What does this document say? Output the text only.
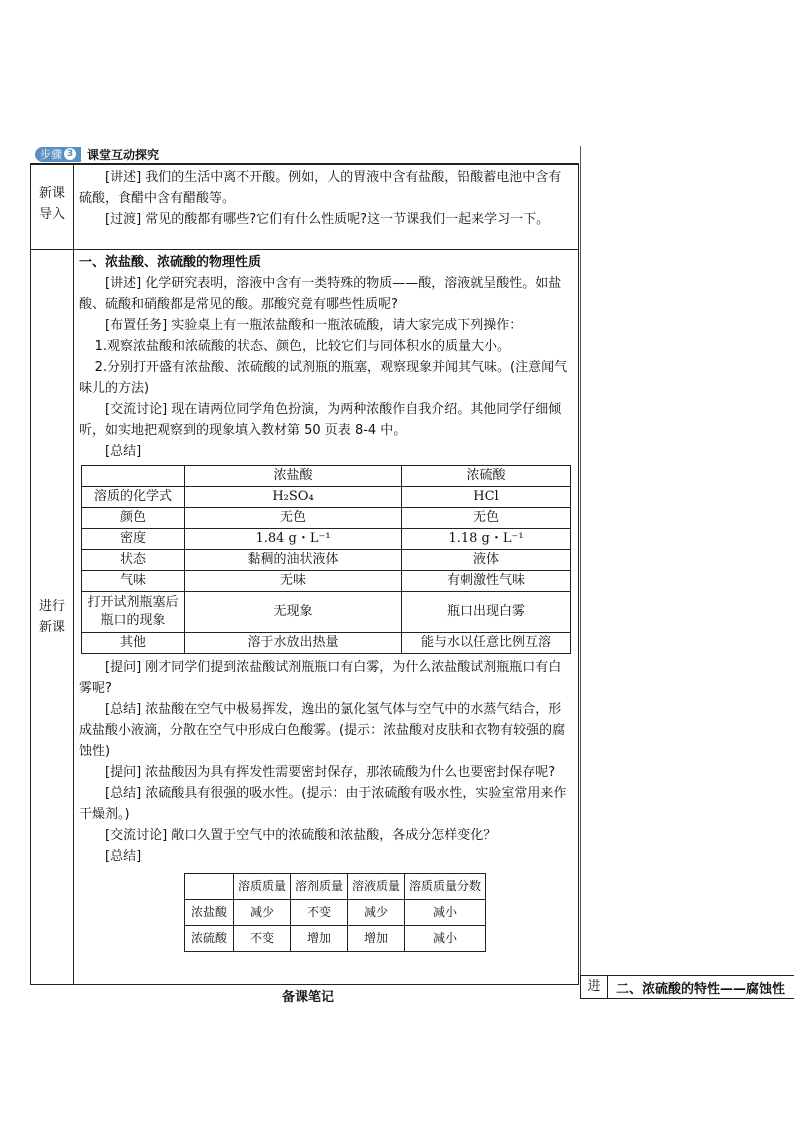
步骤 3 课堂互动探究
新课
导入

[讲述] 我们的生活中离不开酸。例如，人的胃液中含有盐酸，铅酸蓄电池中含有硫酸，食醋中含有醋酸等。

[过渡] 常见的酸都有哪些?它们有什么性质呢?这一节课我们一起来学习一下。

进行
新课

一、浓盐酸、浓硫酸的物理性质

[讲述] 化学研究表明，溶液中含有一类特殊的物质——酸，溶液就呈酸性。如盐酸、硫酸和硝酸都是常见的酸。那酸究竟有哪些性质呢?

[布置任务] 实验桌上有一瓶浓盐酸和一瓶浓硫酸，请大家完成下列操作：

1.观察浓盐酸和浓硫酸的状态、颜色，比较它们与同体积水的质量大小。

2.分别打开盛有浓盐酸、浓硫酸的试剂瓶的瓶塞，观察现象并闻其气味。(注意闻气味儿的方法)

[交流讨论] 现在请两位同学角色扮演，为两种浓酸作自我介绍。其他同学仔细倾听，如实地把观察到的现象填入教材第 50 页表 8-4 中。

[总结]

	浓盐酸	浓硫酸
溶质的化学式	H₂SO₄	HCl
颜色	无色	无色
密度	1.84 g・L⁻¹	1.18 g・L⁻¹
状态	黏稠的油状液体	液体
气味	无味	有刺激性气味
打开试剂瓶塞后瓶口的现象	无现象	瓶口出现白雾
其他	溶于水放出热量	能与水以任意比例互溶

[提问] 刚才同学们提到浓盐酸试剂瓶瓶口有白雾，为什么浓盐酸试剂瓶瓶口有白雾呢?

[总结] 浓盐酸在空气中极易挥发，逸出的氯化氢气体与空气中的水蒸气结合，形成盐酸小液滴，分散在空气中形成白色酸雾。(提示：浓盐酸对皮肤和衣物有较强的腐蚀性)

[提问] 浓盐酸因为具有挥发性需要密封保存，那浓硫酸为什么也要密封保存呢?

[总结] 浓硫酸具有很强的吸水性。(提示：由于浓硫酸有吸水性，实验室常用来作干燥剂。)

[交流讨论] 敞口久置于空气中的浓硫酸和浓盐酸，各成分怎样变化？

[总结]

	溶质质量	溶剂质量	溶液质量	溶质质量分数
浓盐酸	减少	不变	减少	减小
浓硫酸	不变	增加	增加	减小
备课笔记
进	二、浓硫酸的特性——腐蚀性
